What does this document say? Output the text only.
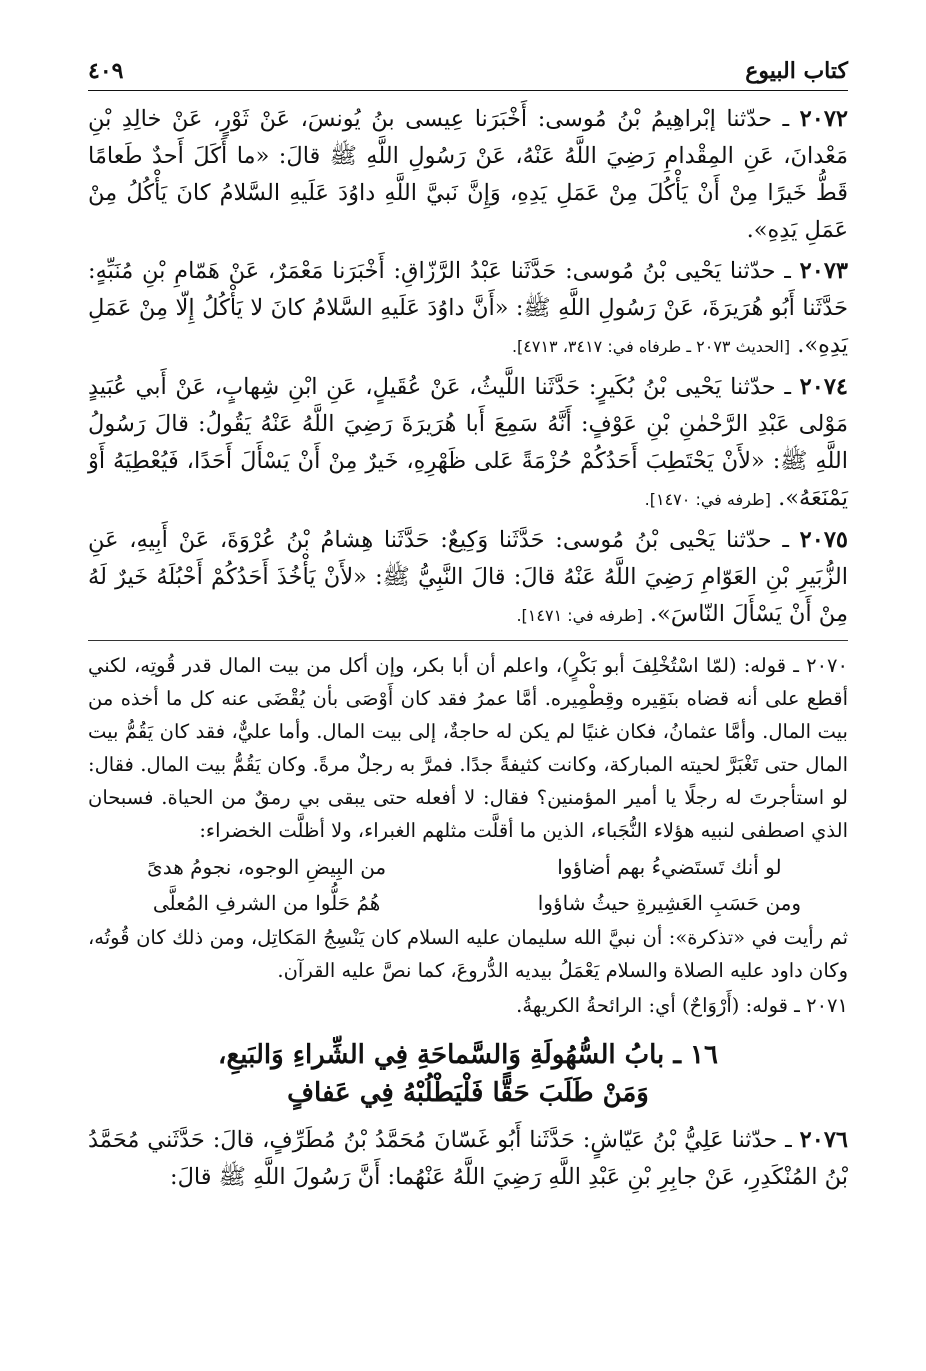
كتاب البيوع
٤٠٩

٢٠٧٢ ـ حدّثنا إبْراهِيمُ بْنُ مُوسى: أَخْبَرَنا عِيسى بنُ يُونسَ، عَنْ ثَوْرٍ، عَنْ خالِدِ بْنِ مَعْدانَ، عَنِ المِقْدامِ رَضِيَ اللَّهُ عَنْهُ، عَنْ رَسُولِ اللَّهِ ﷺ قالَ: «ما أَكَلَ أَحدٌ طَعامًا قَطُّ خَيرًا مِنْ أَنْ يَأْكُلَ مِنْ عَمَلِ يَدِهِ، وَإِنَّ نَبيَّ اللَّهِ داوُدَ عَلَيهِ السَّلامُ كانَ يَأْكُلُ مِنْ عَمَلِ يَدِهِ».

٢٠٧٣ ـ حدّثنا يَحْيى بْنُ مُوسى: حَدَّثَنا عَبْدُ الرَّزّاقِ: أَخْبَرَنا مَعْمَرٌ، عَنْ هَمّامِ بْنِ مُنَبِّهٍ: حَدَّثَنا أَبُو هُرَيرَةَ، عَنْ رَسُولِ اللَّهِ ﷺ: «أَنَّ داوُدَ عَلَيهِ السَّلامُ كانَ لا يَأْكُلُ إِلّا مِنْ عَمَلِ يَدِهِ». [الحديث ٢٠٧٣ ـ طرفاه في: ٣٤١٧، ٤٧١٣].

٢٠٧٤ ـ حدّثنا يَحْيى بْنُ بُكَيرٍ: حَدَّثَنا اللَّيثُ، عَنْ عُقَيلٍ، عَنِ ابْنِ شِهابٍ، عَنْ أَبي عُبَيدٍ مَوْلى عَبْدِ الرَّحْمٰنِ بْنِ عَوْفٍ: أَنَّهُ سَمِعَ أَبا هُرَيرَةَ رَضِيَ اللَّهُ عَنْهُ يَقُولُ: قالَ رَسُولُ اللَّهِ ﷺ: «لأَنْ يَحْتَطِبَ أَحَدُكُمْ حُزْمَةً عَلى ظَهْرِهِ، خَيرٌ مِنْ أَنْ يَسْأَلَ أَحَدًا، فَيُعْطِيَهُ أَوْ يَمْنَعَهُ». [طرفه في: ١٤٧٠].

٢٠٧٥ ـ حدّثنا يَحْيى بْنُ مُوسى: حَدَّثَنا وَكِيعٌ: حَدَّثَنا هِشامُ بْنُ عُرْوَةَ، عَنْ أَبِيهِ، عَنِ الزُّبَيرِ بْنِ العَوّامِ رَضِيَ اللَّهُ عَنْهُ قالَ: قالَ النَّبِيُّ ﷺ: «لأَنْ يَأْخُذَ أَحَدُكُمْ أَحْبُلَهُ خَيرٌ لَهُ مِنْ أَنْ يَسْأَلَ النّاسَ». [طرفه في: ١٤٧١].

٢٠٧٠ ـ قوله: (لمّا اسْتُخْلِفَ أبو بَكْرٍ)، واعلم أن أبا بكر، وإن أكل من بيت المال قدر قُوتِه، لكني أقطع على أنه قضاه بنَقِيره وقِطْمِيره. أمَّا عمرُ فقد كان أَوْصَى بأن يُقْضَى عنه كل ما أخذه من بيت المال. وأمَّا عثمانُ، فكان غنيًا لم يكن له حاجةٌ، إلى بيت المال. وأما عليٌّ، فقد كان يَقُمُّ بيت المال حتى تَغْبَرَّ لحيته المباركة، وكانت كثيفةً جدًا. فمرَّ به رجلٌ مرةً. وكان يَقُمُّ بيت المال. فقال: لو استأجرتَ له رجلًا يا أمير المؤمنين؟ فقال: لا أفعله حتى يبقى بي رمقٌ من الحياة. فسبحان الذي اصطفى لنبيه هؤلاء النُّجَباء، الذين ما أقلَّت مثلهم الغبراء، ولا أظلَّت الخضراء:

لو أنك تَستَضيءُ بهم أضاؤوا
من البِيضِ الوجوه، نجومُ هدىً
ومن حَسَبِ العَشِيرةِ حيثُ شاؤوا
هُمُ حَلُّوا من الشرفِ المُعلَّى

ثم رأيت في «تذكرة»: أن نبيَّ الله سليمان عليه السلام كان يَنْسِجُ المَكاتِل، ومن ذلك كان قُوتُه، وكان داود عليه الصلاة والسلام يَعْمَلُ بيديه الدُّروعَ، كما نصَّ عليه القرآن.

٢٠٧١ ـ قوله: (أَرْوَاحٌ) أي: الرائحةُ الكريهةُ.

١٦ ـ بابُ السُّهُولَةِ وَالسَّماحَةِ فِي الشِّراءِ وَالبَيعِ،
وَمَنْ طَلَبَ حَقًّا فَلْيَطْلُبْهُ فِي عَفافٍ

٢٠٧٦ ـ حدّثنا عَلِيُّ بْنُ عَيّاشٍ: حَدَّثَنا أَبُو غَسّانَ مُحَمَّدُ بْنُ مُطَرِّفٍ، قالَ: حَدَّثَني مُحَمَّدُ بْنُ المُنْكَدِرِ، عَنْ جابِرِ بْنِ عَبْدِ اللَّهِ رَضِيَ اللَّهُ عَنْهُما: أَنَّ رَسُولَ اللَّهِ ﷺ قالَ:
